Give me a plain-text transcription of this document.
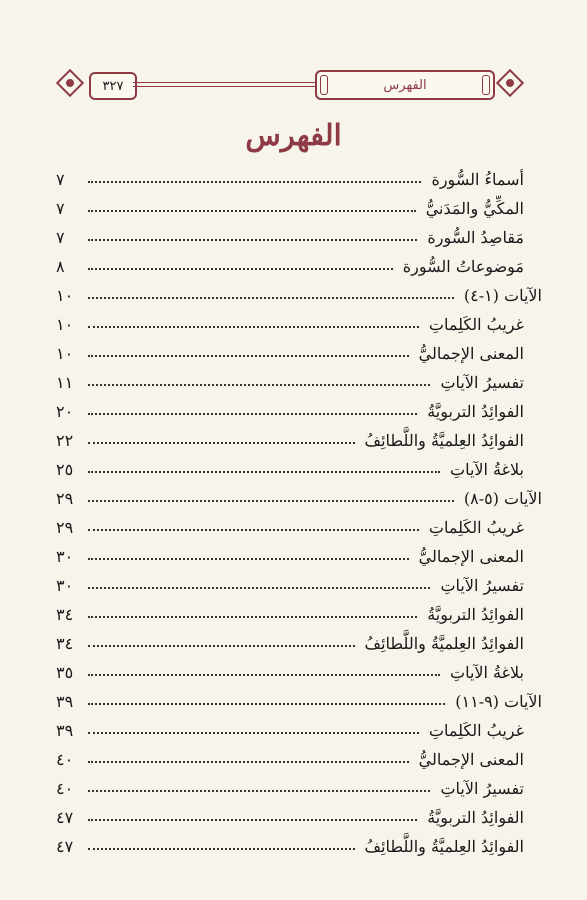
٣٢٧	الفهرس
الفهرس
أسماءُ السُّورة
٧
المكِّيُّ والمَدَنيُّ
٧
مَقاصِدُ السُّورة
٧
مَوضوعاتُ السُّورة
٨
الآيات (١-٤)
١٠
غريبُ الكَلِماتِ
١٠
المعنى الإجماليُّ
١٠
تفسيرُ الآياتِ
١١
الفوائِدُ التربويَّةُ
٢٠
الفوائِدُ العِلميَّةُ واللَّطائِفُ
٢٢
بلاغةُ الآياتِ
٢٥
الآيات (٥-٨)
٢٩
غريبُ الكَلِماتِ
٢٩
المعنى الإجماليُّ
٣٠
تفسيرُ الآياتِ
٣٠
الفوائِدُ التربويَّةُ
٣٤
الفوائِدُ العِلميَّةُ واللَّطائِفُ
٣٤
بلاغةُ الآياتِ
٣٥
الآيات (٩-١١)
٣٩
غريبُ الكَلِماتِ
٣٩
المعنى الإجماليُّ
٤٠
تفسيرُ الآياتِ
٤٠
الفوائِدُ التربويَّةُ
٤٧
الفوائِدُ العِلميَّةُ واللَّطائِفُ
٤٧
